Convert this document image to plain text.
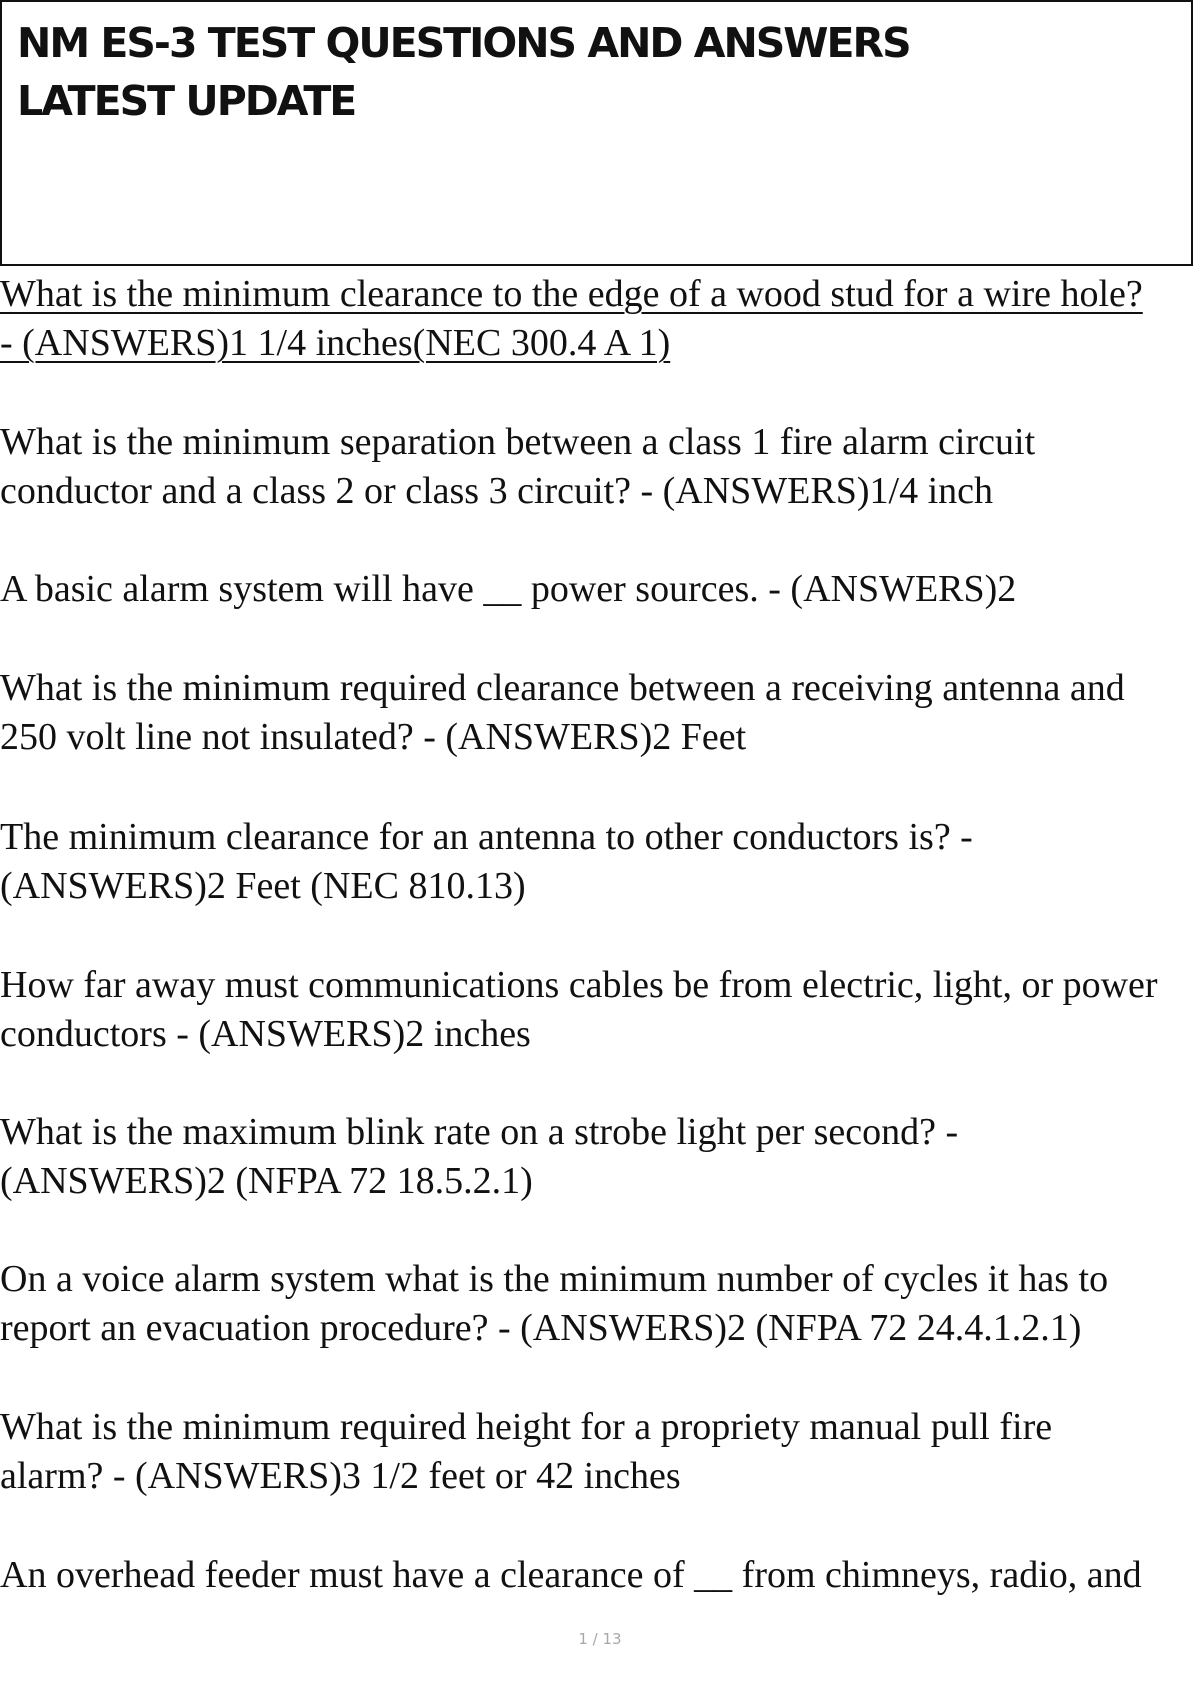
NM ES-3 TEST QUESTIONS AND ANSWERS LATEST UPDATE

What is the minimum clearance to the edge of a wood stud for a wire hole?
- (ANSWERS)1 1/4 inches(NEC 300.4 A 1)

What is the minimum separation between a class 1 fire alarm circuit
conductor and a class 2 or class 3 circuit? - (ANSWERS)1/4 inch

A basic alarm system will have __ power sources. - (ANSWERS)2

What is the minimum required clearance between a receiving antenna and
250 volt line not insulated? - (ANSWERS)2 Feet

The minimum clearance for an antenna to other conductors is? -
(ANSWERS)2 Feet (NEC 810.13)

How far away must communications cables be from electric, light, or power
conductors - (ANSWERS)2 inches

What is the maximum blink rate on a strobe light per second? -
(ANSWERS)2 (NFPA 72 18.5.2.1)

On a voice alarm system what is the minimum number of cycles it has to
report an evacuation procedure? - (ANSWERS)2 (NFPA 72 24.4.1.2.1)

What is the minimum required height for a propriety manual pull fire
alarm? - (ANSWERS)3 1/2 feet or 42 inches

An overhead feeder must have a clearance of __ from chimneys, radio, and

1 / 13
